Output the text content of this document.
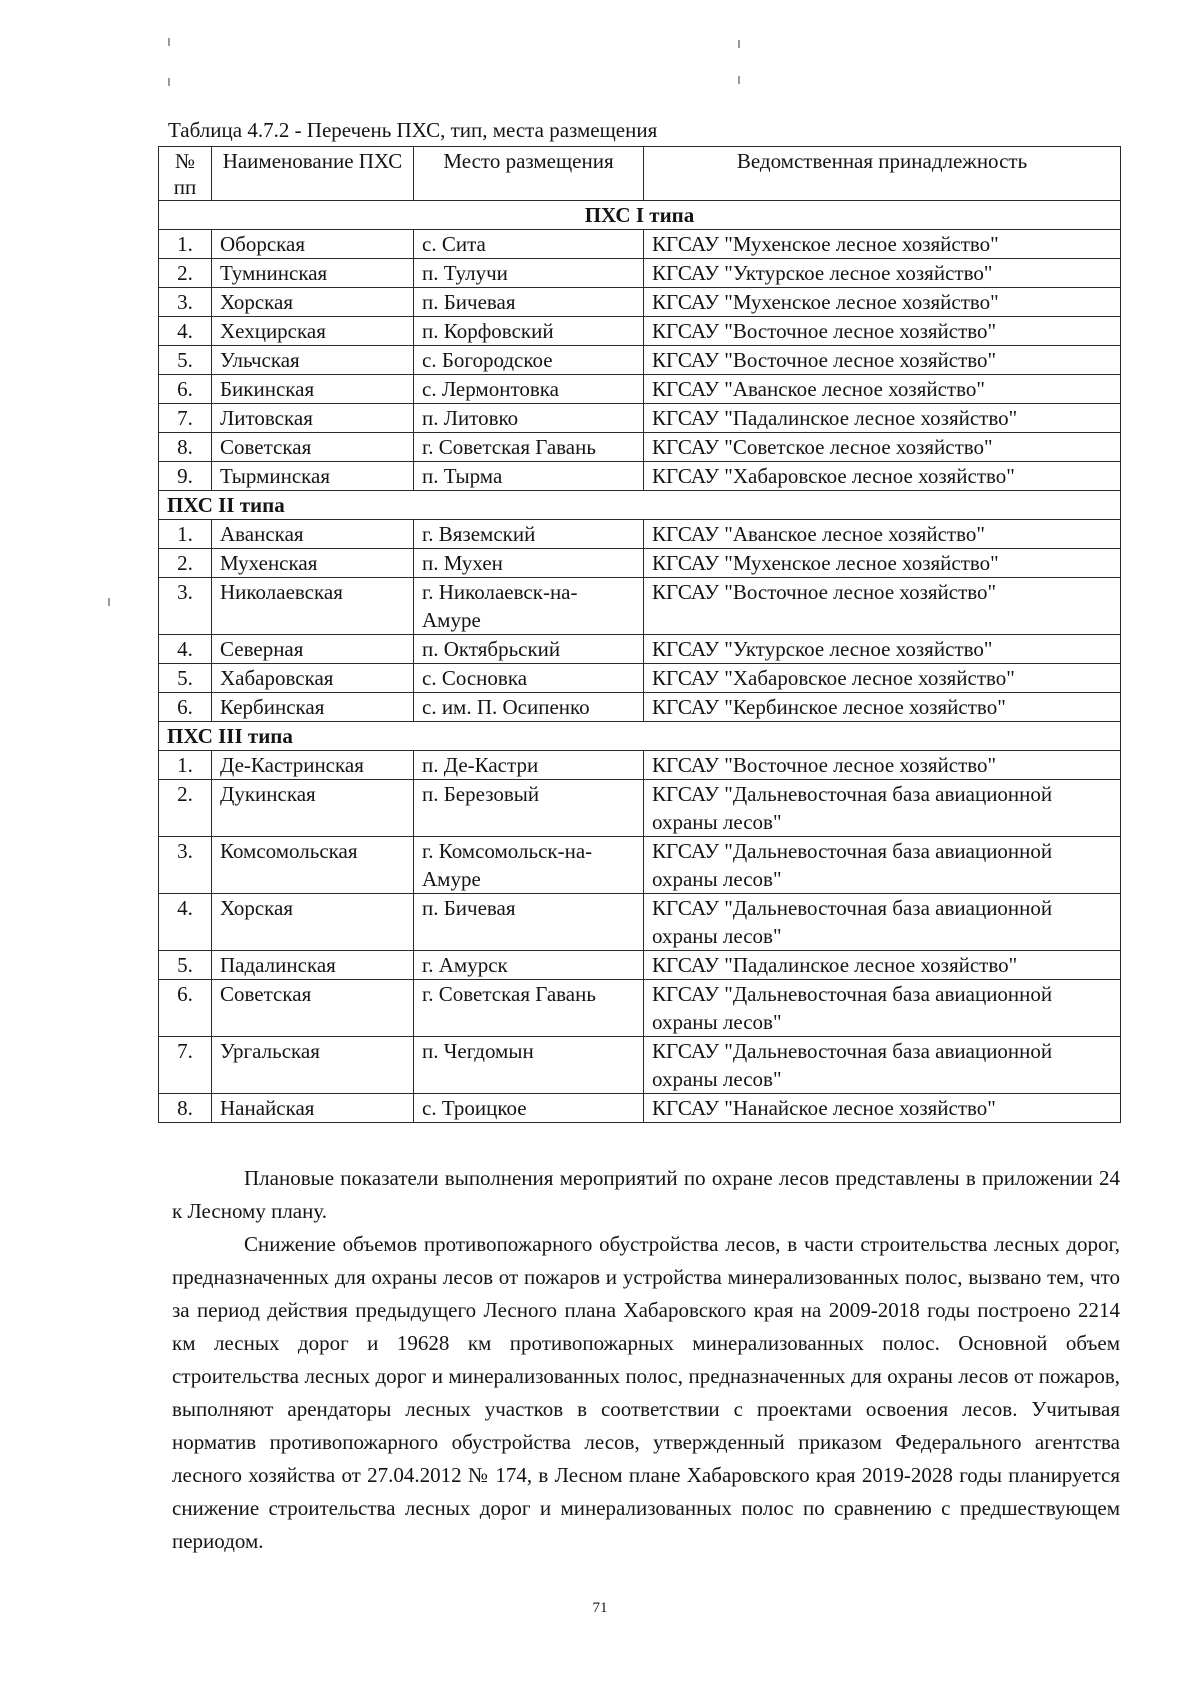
Таблица 4.7.2 - Перечень ПХС, тип, места размещения
№ пп	Наименование ПХС	Место размещения	Ведомственная принадлежность
ПХС I типа			
1.	Оборская	с. Сита	КГСАУ "Мухенское лесное хозяйство"
2.	Тумнинская	п. Тулучи	КГСАУ "Уктурское лесное хозяйство"
3.	Хорская	п. Бичевая	КГСАУ "Мухенское лесное хозяйство"
4.	Хехцирская	п. Корфовский	КГСАУ "Восточное лесное хозяйство"
5.	Ульчская	с. Богородское	КГСАУ "Восточное лесное хозяйство"
6.	Бикинская	с. Лермонтовка	КГСАУ "Аванское лесное хозяйство"
7.	Литовская	п. Литовко	КГСАУ "Падалинское лесное хозяйство"
8.	Советская	г. Советская Гавань	КГСАУ "Советское лесное хозяйство"
9.	Тырминская	п. Тырма	КГСАУ "Хабаровское лесное хозяйство"
ПХС II типа			
1.	Аванская	г. Вяземский	КГСАУ "Аванское лесное хозяйство"
2.	Мухенская	п. Мухен	КГСАУ "Мухенское лесное хозяйство"
3.	Николаевская	г. Николаевск-на-Амуре	КГСАУ "Восточное лесное хозяйство"
4.	Северная	п. Октябрьский	КГСАУ "Уктурское лесное хозяйство"
5.	Хабаровская	с. Сосновка	КГСАУ "Хабаровское лесное хозяйство"
6.	Кербинская	с. им. П. Осипенко	КГСАУ "Кербинское лесное хозяйство"
ПХС III типа			
1.	Де-Кастринская	п. Де-Кастри	КГСАУ "Восточное лесное хозяйство"
2.	Дукинская	п. Березовый	КГСАУ "Дальневосточная база авиационной охраны лесов"
3.	Комсомольская	г. Комсомольск-на-Амуре	КГСАУ "Дальневосточная база авиационной охраны лесов"
4.	Хорская	п. Бичевая	КГСАУ "Дальневосточная база авиационной охраны лесов"
5.	Падалинская	г. Амурск	КГСАУ "Падалинское лесное хозяйство"
6.	Советская	г. Советская Гавань	КГСАУ "Дальневосточная база авиационной охраны лесов"
7.	Ургальская	п. Чегдомын	КГСАУ "Дальневосточная база авиационной охраны лесов"
8.	Нанайская	с. Троицкое	КГСАУ "Нанайское лесное хозяйство"

Плановые показатели выполнения мероприятий по охране лесов представлены в приложении 24 к Лесному плану.

Снижение объемов противопожарного обустройства лесов, в части строительства лесных дорог, предназначенных для охраны лесов от пожаров и устройства минерализованных полос, вызвано тем, что за период действия предыдущего Лесного плана Хабаровского края на 2009-2018 годы построено 2214 км лесных дорог и 19628 км противопожарных минерализованных полос. Основной объем строительства лесных дорог и минерализованных полос, предназначенных для охраны лесов от пожаров, выполняют арендаторы лесных участков в соответствии с проектами освоения лесов. Учитывая норматив противопожарного обустройства лесов, утвержденный приказом Федерального агентства лесного хозяйства от 27.04.2012 № 174, в Лесном плане Хабаровского края 2019-2028 годы планируется снижение строительства лесных дорог и минерализованных полос по сравнению с предшествующем периодом.

71
